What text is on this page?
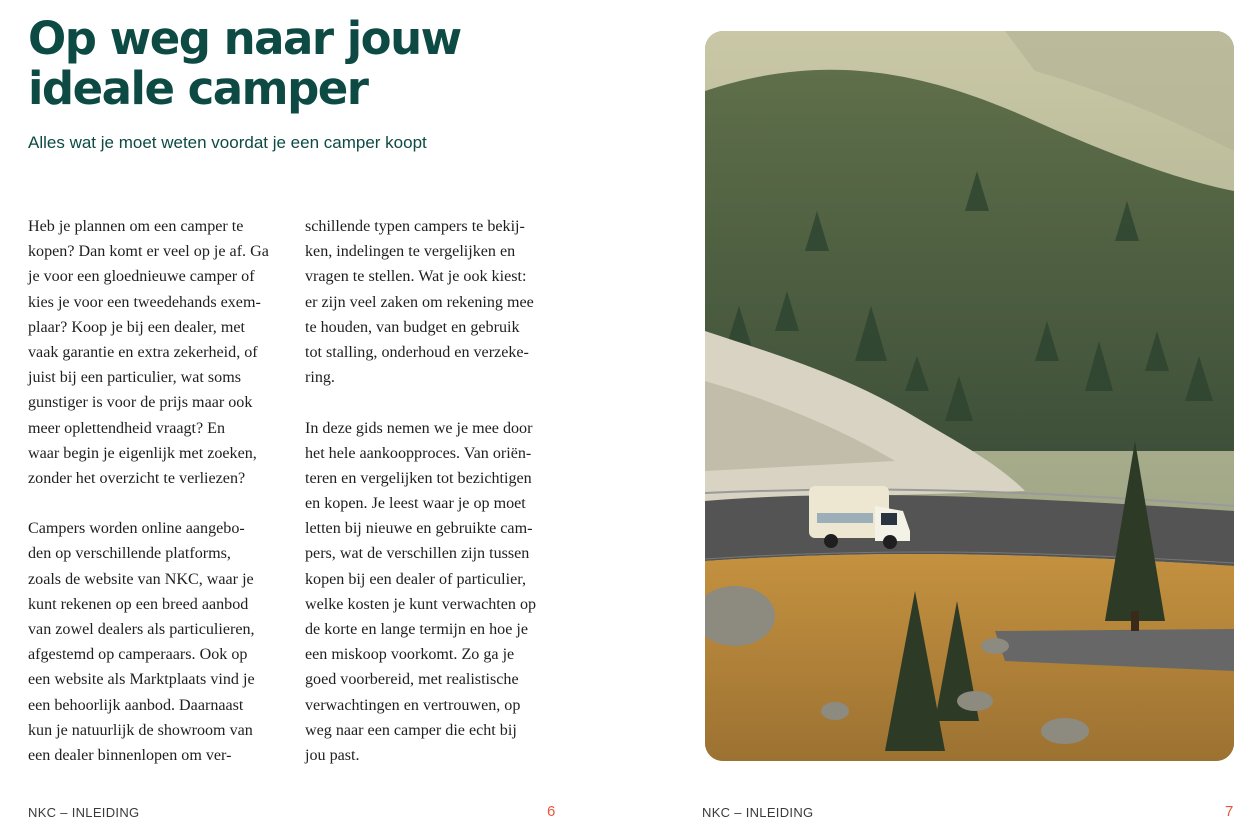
Op weg naar jouw
ideale camper

Alles wat je moet weten voordat je een camper koopt

Heb je plannen om een camper te
kopen? Dan komt er veel op je af. Ga
je voor een gloednieuwe camper of
kies je voor een tweedehands exem-
plaar? Koop je bij een dealer, met
vaak garantie en extra zekerheid, of
juist bij een particulier, wat soms
gunstiger is voor de prijs maar ook
meer oplettendheid vraagt? En
waar begin je eigenlijk met zoeken,
zonder het overzicht te verliezen?
Campers worden online aangebo-
den op verschillende platforms,
zoals de website van NKC, waar je
kunt rekenen op een breed aanbod
van zowel dealers als particulieren,
afgestemd op camperaars. Ook op
een website als Marktplaats vind je
een behoorlijk aanbod. Daarnaast
kun je natuurlijk de showroom van
een dealer binnenlopen om ver-
schillende typen campers te bekij-
ken, indelingen te vergelijken en
vragen te stellen. Wat je ook kiest:
er zijn veel zaken om rekening mee
te houden, van budget en gebruik
tot stalling, onderhoud en verzeke-
ring.
In deze gids nemen we je mee door
het hele aankoopproces. Van oriën-
teren en vergelijken tot bezichtigen
en kopen. Je leest waar je op moet
letten bij nieuwe en gebruikte cam-
pers, wat de verschillen zijn tussen
kopen bij een dealer of particulier,
welke kosten je kunt verwachten op
de korte en lange termijn en hoe je
een miskoop voorkomt. Zo ga je
goed voorbereid, met realistische
verwachtingen en vertrouwen, op
weg naar een camper die echt bij
jou past.
NKC – INLEIDING	6	NKC – INLEIDING	7
